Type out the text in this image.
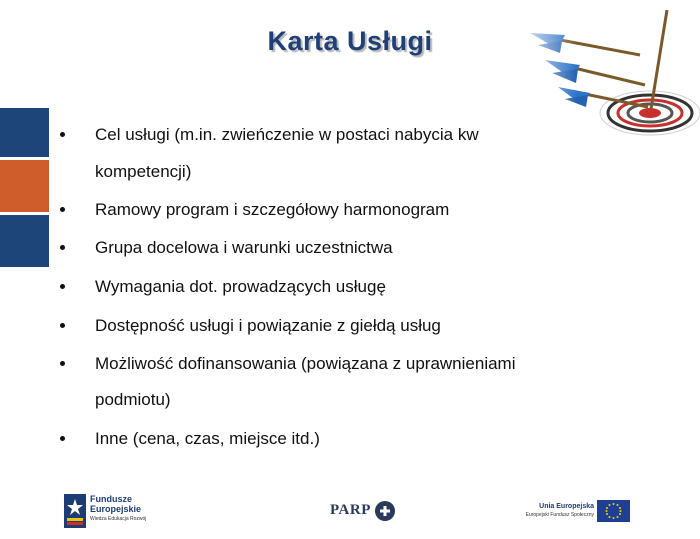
Karta Usługi
Cel usługi (m.in. zwieńczenie w postaci nabycia kw
kompetencji)
Ramowy program i szczegółowy harmonogram
Grupa docelowa i warunki uczestnictwa
Wymagania dot. prowadzących usługę
Dostępność usługi i powiązanie z giełdą usług
Możliwość dofinansowania (powiązana z uprawnieniami
podmiotu)
Inne (cena, czas, miejsce itd.)
Fundusze
Europejskie
Wiedza Edukacja Rozwój
PARP	Unia Europejska
Europejski Fundusz Społeczny
